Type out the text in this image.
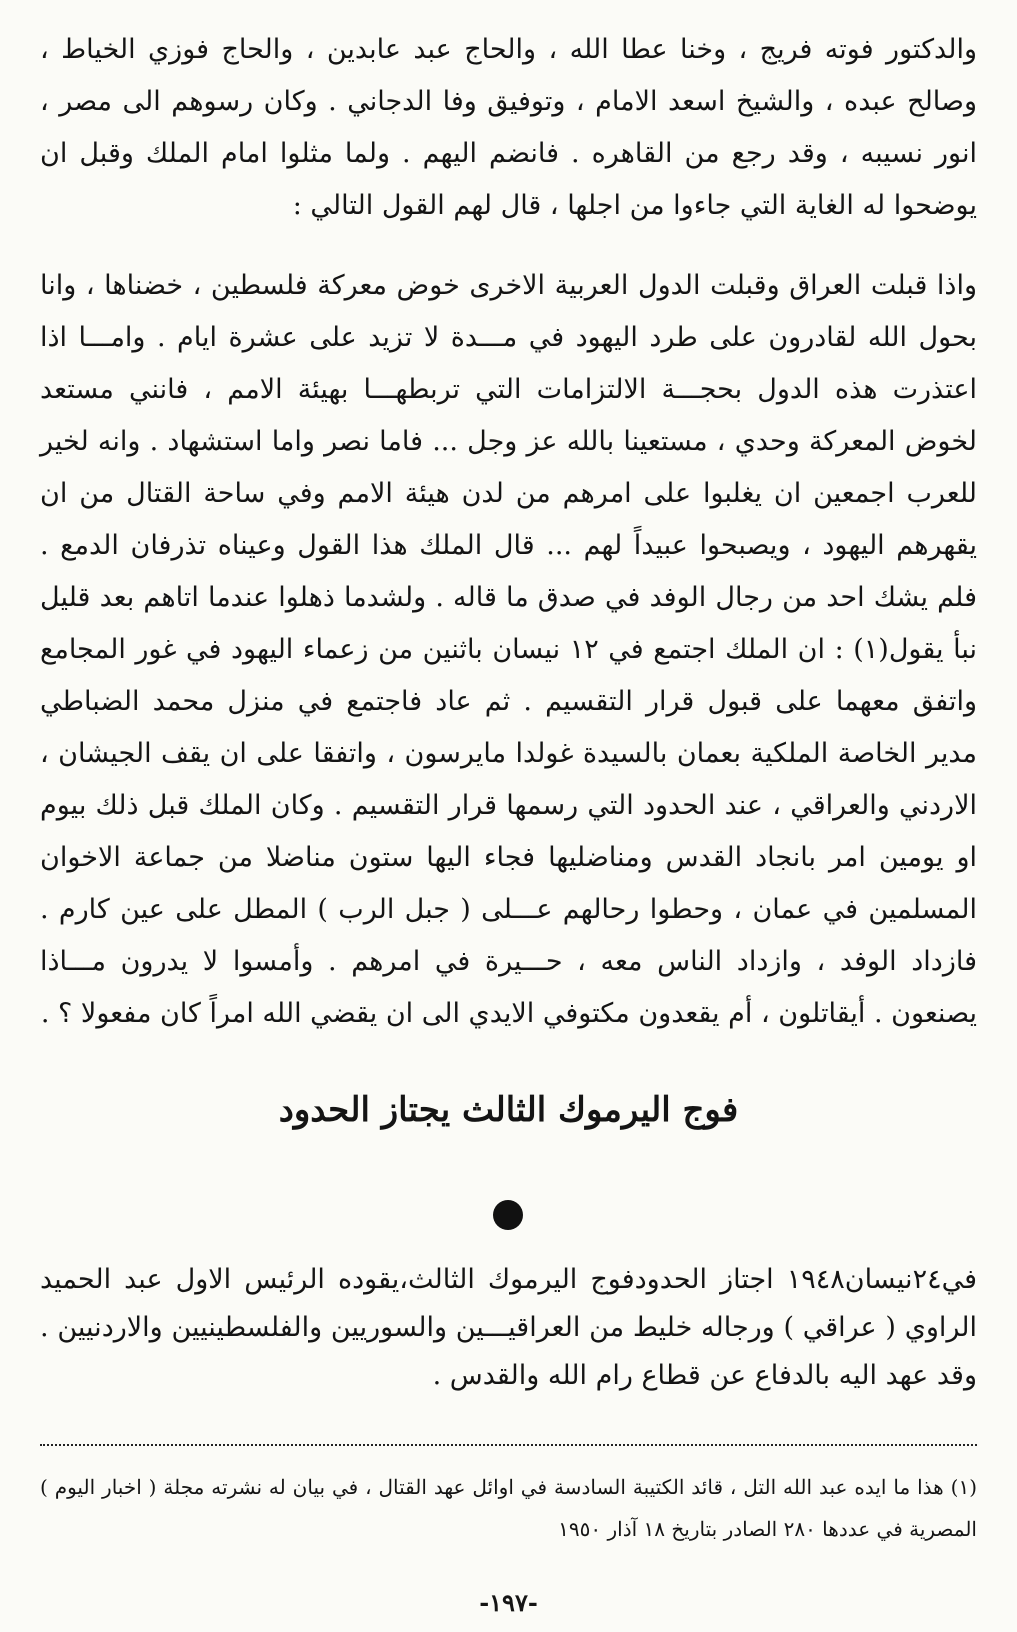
والدكتور فوته فريج ، وخنا عطا الله ، والحاج عبد عابدين ، والحاج فوزي الخياط ، وصالح عبده ، والشيخ اسعد الامام ، وتوفيق وفا الدجاني . وكان رسوهم الى مصر ، انور نسيبه ، وقد رجع من القاهره . فانضم اليهم . ولما مثلوا امام الملك وقبل ان يوضحوا له الغاية التي جاءوا من اجلها ، قال لهم القول التالي :

واذا قبلت العراق وقبلت الدول العربية الاخرى خوض معركة فلسطين ، خضناها ، وانا بحول الله لقادرون على طرد اليهود في مـــدة لا تزيد على عشرة ايام . وامـــا اذا اعتذرت هذه الدول بحجـــة الالتزامات التي تربطهـــا بهيئة الامم ، فانني مستعد لخوض المعركة وحدي ، مستعينا بالله عز وجل ... فاما نصر واما استشهاد . وانه لخير للعرب اجمعين ان يغلبوا على امرهم من لدن هيئة الامم وفي ساحة القتال من ان يقهرهم اليهود ، ويصبحوا عبيداً لهم ... قال الملك هذا القول وعيناه تذرفان الدمع . فلم يشك احد من رجال الوفد في صدق ما قاله . ولشدما ذهلوا عندما اتاهم بعد قليل نبأ يقول(١) : ان الملك اجتمع في ١٢ نيسان باثنين من زعماء اليهود في غور المجامع واتفق معهما على قبول قرار التقسيم . ثم عاد فاجتمع في منزل محمد الضباطي مدير الخاصة الملكية بعمان بالسيدة غولدا مايرسون ، واتفقا على ان يقف الجيشان ، الاردني والعراقي ، عند الحدود التي رسمها قرار التقسيم . وكان الملك قبل ذلك بيوم او يومين امر بانجاد القدس ومناضليها فجاء اليها ستون مناضلا من جماعة الاخوان المسلمين في عمان ، وحطوا رحالهم عـــلى ( جبل الرب ) المطل على عين كارم . فازداد الوفد ، وازداد الناس معه ، حـــيرة في امرهم . وأمسوا لا يدرون مـــاذا يصنعون . أيقاتلون ، أم يقعدون مكتوفي الايدي الى ان يقضي الله امراً كان مفعولا ؟ .

فوج اليرموك الثالث يجتاز الحدود
في٢٤نيسان١٩٤٨ اجتاز الحدودفوج اليرموك الثالث،يقوده الرئيس الاول عبد الحميد الراوي ( عراقي ) ورجاله خليط من العراقيـــين والسوريين والفلسطينيين والاردنيين . وقد عهد اليه بالدفاع عن قطاع رام الله والقدس .
(١) هذا ما ايده عبد الله التل ، قائد الكتيبة السادسة في اوائل عهد القتال ، في بيان له نشرته مجلة ( اخبار اليوم ) المصرية في عددها ٢٨٠ الصادر بتاريخ ١٨ آذار ١٩٥٠
-١٩٧-
